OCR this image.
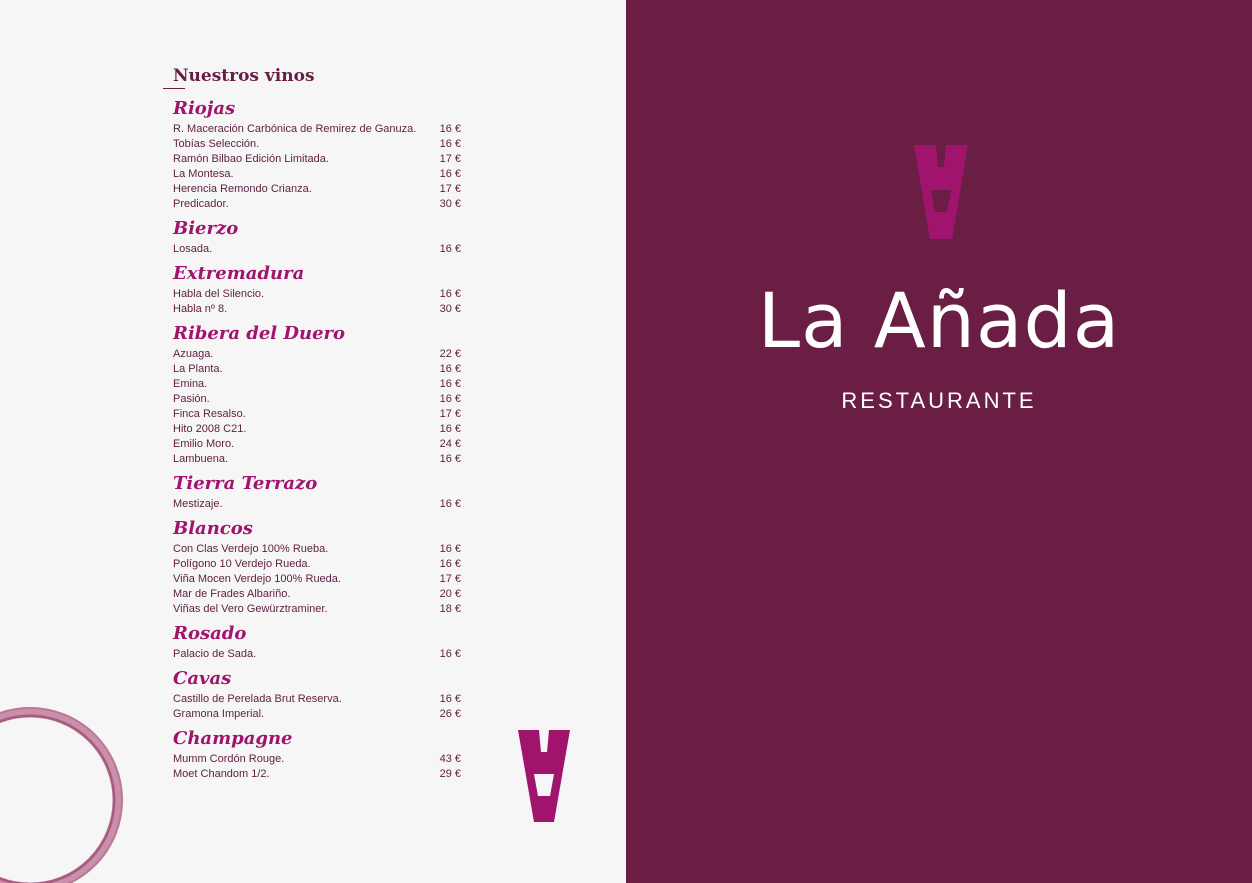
Nuestros vinos
Riojas
R. Maceración Carbónica de Remirez de Ganuza. 16 €
Tobías Selección.	16 €
Ramón Bilbao Edición Limitada.	17 €
La Montesa.	16 €
Herencia Remondo Crianza.	17 €
Predicador.	30 €
Bierzo
Losada.	16 €
Extremadura
Habla del Silencio.	16 €
Habla nº 8.	30 €
Ribera del Duero
Azuaga.	22 €
La Planta.	16 €
Emina.	16 €
Pasión.	16 €
Finca Resalso.	17 €
Hito 2008 C21.	16 €
Emilio Moro.	24 €
Lambuena.	16 €
Tierra Terrazo
Mestizaje.	16 €
Blancos
Con Clas Verdejo 100% Rueba.	16 €
Polígono 10 Verdejo Rueda.	16 €
Viña Mocen Verdejo 100% Rueda.	17 €
Mar de Frades Albariño.	20 €
Viñas del Vero Gewürztraminer.	18 €
Rosado
Palacio de Sada.	16 €
Cavas
Castillo de Perelada Brut Reserva.	16 €
Gramona Imperial.	26 €
Champagne
Mumm Cordón Rouge.	43 €
Moet Chandom 1/2.	29 €
La Añada
RESTAURANTE
